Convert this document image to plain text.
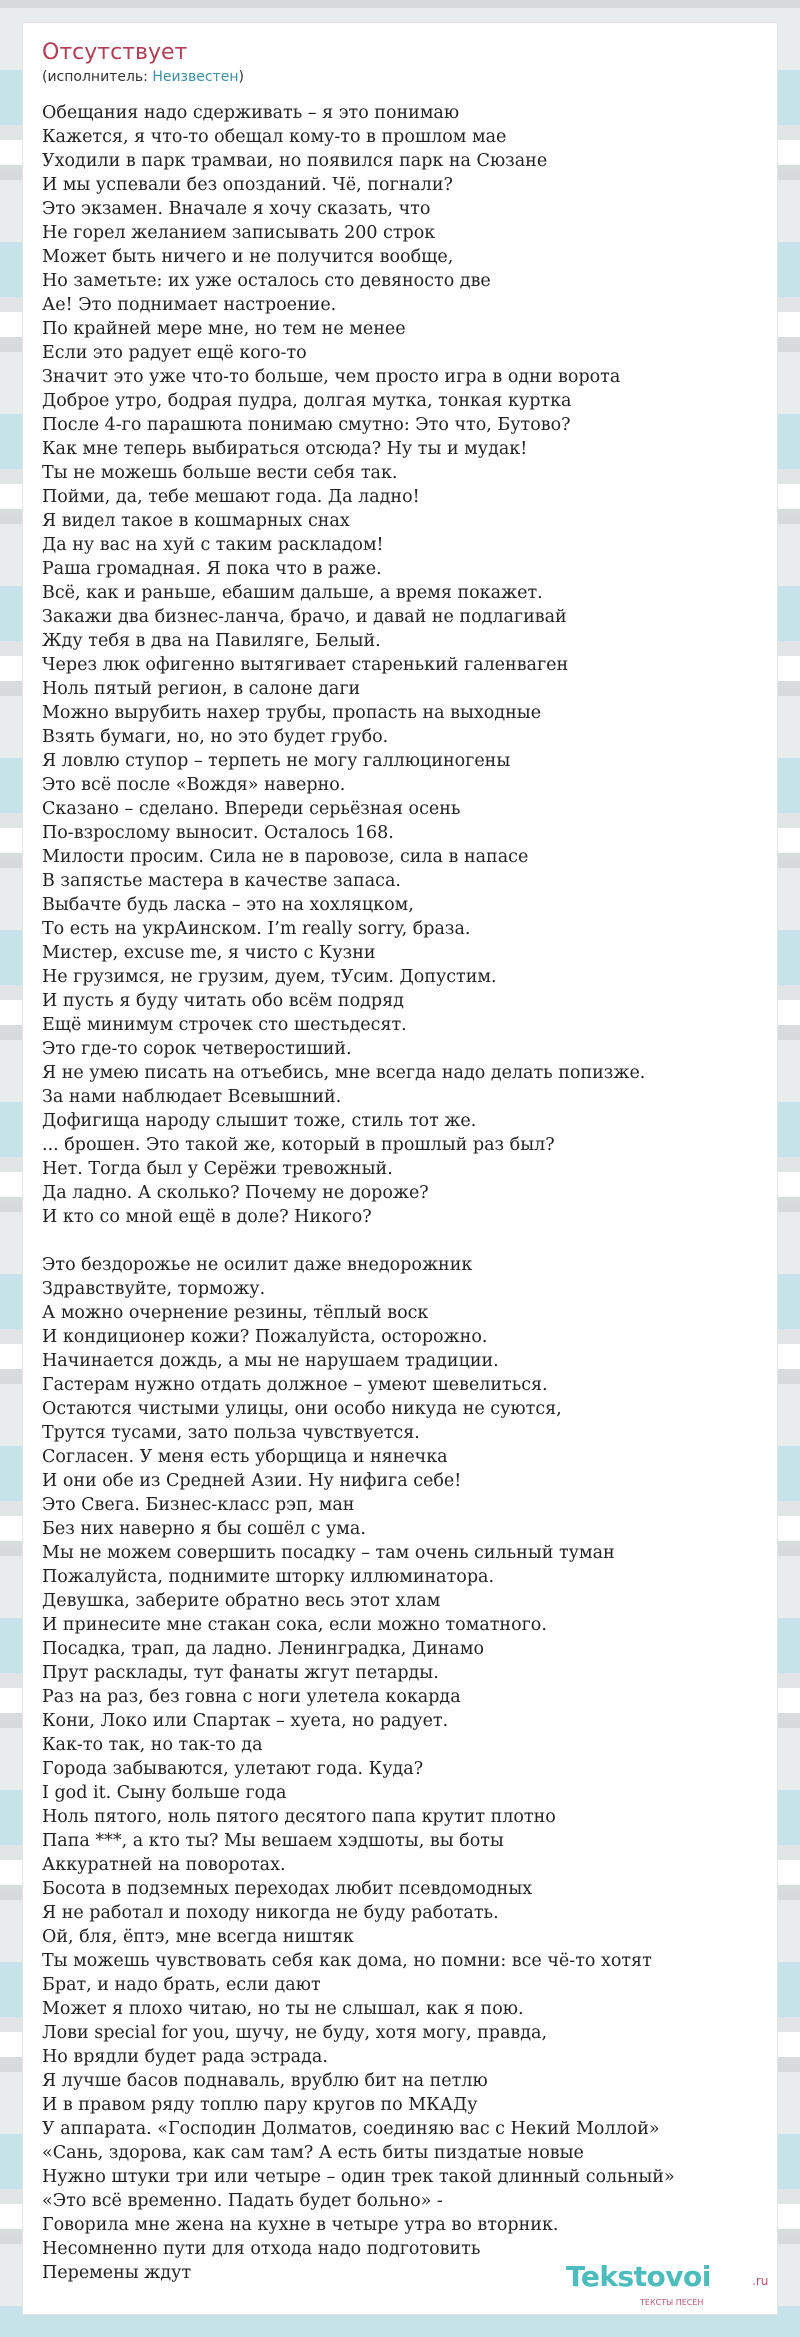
Отсутствует
(исполнитель: Неизвестен)
Обещания надо сдерживать – я это понимаю
Кажется, я что-то обещал кому-то в прошлом мае
Уходили в парк трамваи, но появился парк на Сюзане
И мы успевали без опозданий. Чё, погнали?
Это экзамен. Вначале я хочу сказать, что
Не горел желанием записывать 200 строк
Может быть ничего и не получится вообще,
Но заметьте: их уже осталось сто девяносто две
Ае! Это поднимает настроение.
По крайней мере мне, но тем не менее
Если это радует ещё кого-то
Значит это уже что-то больше, чем просто игра в одни ворота
Доброе утро, бодрая пудра, долгая мутка, тонкая куртка
После 4-го парашюта понимаю смутно: Это что, Бутово?
Как мне теперь выбираться отсюда? Ну ты и мудак!
Ты не можешь больше вести себя так.
Пойми, да, тебе мешают года. Да ладно!
Я видел такое в кошмарных снах
Да ну вас на хуй с таким раскладом!
Раша громадная. Я пока что в раже.
Всё, как и раньше, ебашим дальше, а время покажет.
Закажи два бизнес-ланча, брачо, и давай не подлагивай
Жду тебя в два на Павиляге, Белый.
Через люк офигенно вытягивает старенький галенваген
Ноль пятый регион, в салоне даги
Можно вырубить нахер трубы, пропасть на выходные
Взять бумаги, но, но это будет грубо.
Я ловлю ступор – терпеть не могу галлюциногены
Это всё после «Вождя» наверно.
Сказано – сделано. Впереди серьёзная осень
По-взрослому выносит. Осталось 168.
Милости просим. Сила не в паровозе, сила в напасе
В запястье мастера в качестве запаса.
Выбачте будь ласка – это на хохляцком,
То есть на укрАинском. I’m really sorry, браза.
Мистер, excuse me, я чисто с Кузни
Не грузимся, не грузим, дуем, тУсим. Допустим.
И пусть я буду читать обо всём подряд
Ещё минимум строчек сто шестьдесят.
Это где-то сорок четверостиший.
Я не умею писать на отъебись, мне всегда надо делать попизже.
За нами наблюдает Всевышний.
Дофигища народу слышит тоже, стиль тот же.
... брошен. Это такой же, который в прошлый раз был?
Нет. Тогда был у Серёжи тревожный.
Да ладно. А сколько? Почему не дороже?
И кто со мной ещё в доле? Никого?
Это бездорожье не осилит даже внедорожник
Здравствуйте, торможу.
А можно очернение резины, тёплый воск
И кондиционер кожи? Пожалуйста, осторожно.
Начинается дождь, а мы не нарушаем традиции.
Гастерам нужно отдать должное – умеют шевелиться.
Остаются чистыми улицы, они особо никуда не суются,
Трутся тусами, зато польза чувствуется.
Согласен. У меня есть уборщица и нянечка
И они обе из Средней Азии. Ну нифига себе!
Это Свега. Бизнес-класс рэп, ман
Без них наверно я бы сошёл с ума.
Мы не можем совершить посадку – там очень сильный туман
Пожалуйста, поднимите шторку иллюминатора.
Девушка, заберите обратно весь этот хлам
И принесите мне стакан сока, если можно томатного.
Посадка, трап, да ладно. Ленинградка, Динамо
Прут расклады, тут фанаты жгут петарды.
Раз на раз, без говна с ноги улетела кокарда
Кони, Локо или Спартак – хуета, но радует.
Как-то так, но так-то да
Города забываются, улетают года. Куда?
I god it. Сыну больше года
Ноль пятого, ноль пятого десятого папа крутит плотно
Папа ***, а кто ты? Мы вешаем хэдшоты, вы боты
Аккуратней на поворотах.
Босота в подземных переходах любит псевдомодных
Я не работал и походу никогда не буду работать.
Ой, бля, ёптэ, мне всегда ништяк
Ты можешь чувствовать себя как дома, но помни: все чё-то хотят
Брат, и надо брать, если дают
Может я плохо читаю, но ты не слышал, как я пою.
Лови special for you, шучу, не буду, хотя могу, правда,
Но врядли будет рада эстрада.
Я лучше басов поднаваль, врублю бит на петлю
И в правом ряду топлю пару кругов по МКАДу
У аппарата. «Господин Долматов, соединяю вас с Некий Моллой»
«Сань, здорова, как сам там? А есть биты пиздатые новые
Нужно штуки три или четыре – один трек такой длинный сольный»
«Это всё временно. Падать будет больно» -
Говорила мне жена на кухне в четыре утра во вторник.
Несомненно пути для отхода надо подготовить
Перемены ждут	Tekstovoi	.ru
ТЕКСТЫ ПЕСЕН
